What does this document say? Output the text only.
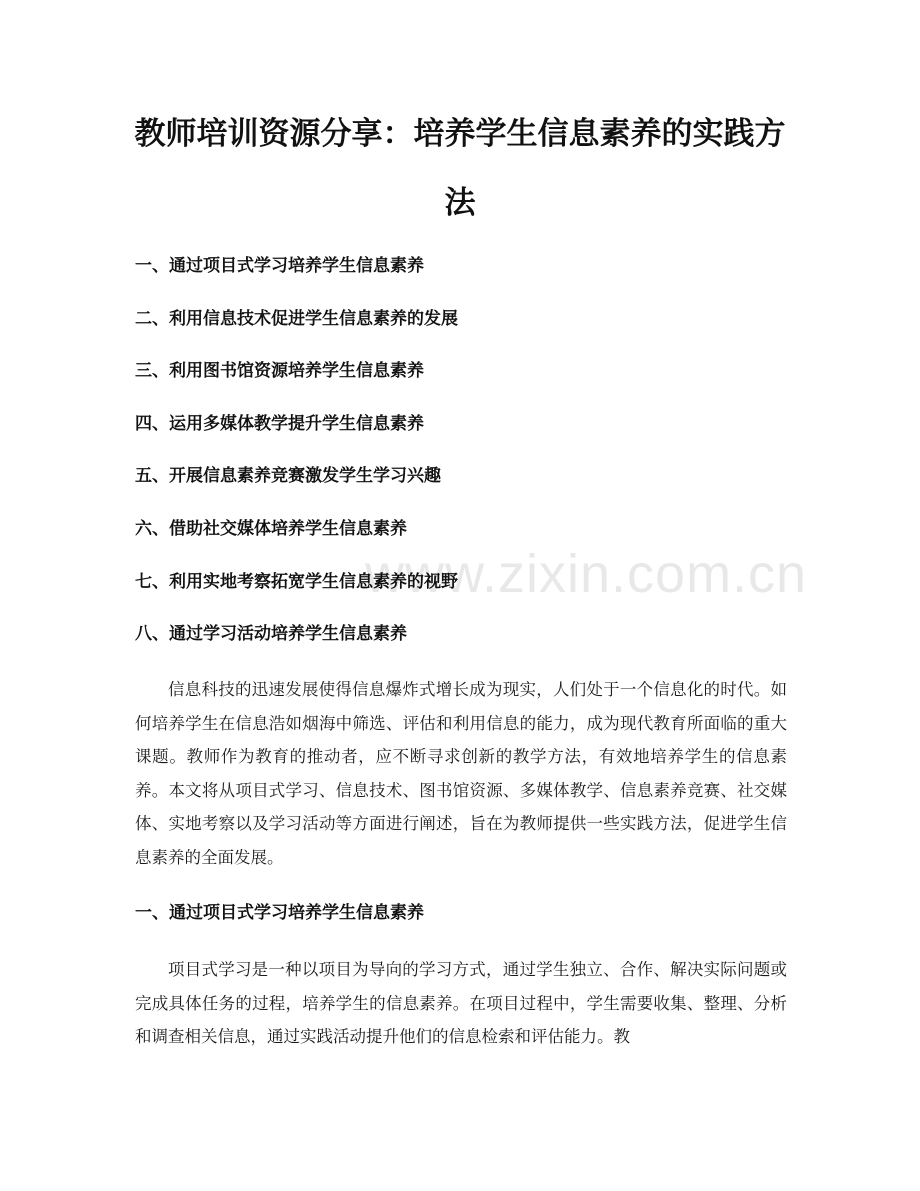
教师培训资源分享：培养学生信息素养的实践方法
一、通过项目式学习培养学生信息素养
二、利用信息技术促进学生信息素养的发展
三、利用图书馆资源培养学生信息素养
四、运用多媒体教学提升学生信息素养
五、开展信息素养竞赛激发学生学习兴趣
六、借助社交媒体培养学生信息素养
七、利用实地考察拓宽学生信息素养的视野
八、通过学习活动培养学生信息素养

信息科技的迅速发展使得信息爆炸式增长成为现实，人们处于一个信息化的时代。如何培养学生在信息浩如烟海中筛选、评估和利用信息的能力，成为现代教育所面临的重大课题。教师作为教育的推动者，应不断寻求创新的教学方法，有效地培养学生的信息素养。本文将从项目式学习、信息技术、图书馆资源、多媒体教学、信息素养竞赛、社交媒体、实地考察以及学习活动等方面进行阐述，旨在为教师提供一些实践方法，促进学生信息素养的全面发展。

一、通过项目式学习培养学生信息素养

项目式学习是一种以项目为导向的学习方式，通过学生独立、合作、解决实际问题或完成具体任务的过程，培养学生的信息素养。在项目过程中，学生需要收集、整理、分析和调查相关信息，通过实践活动提升他们的信息检索和评估能力。教

www.zixin.com.cn
